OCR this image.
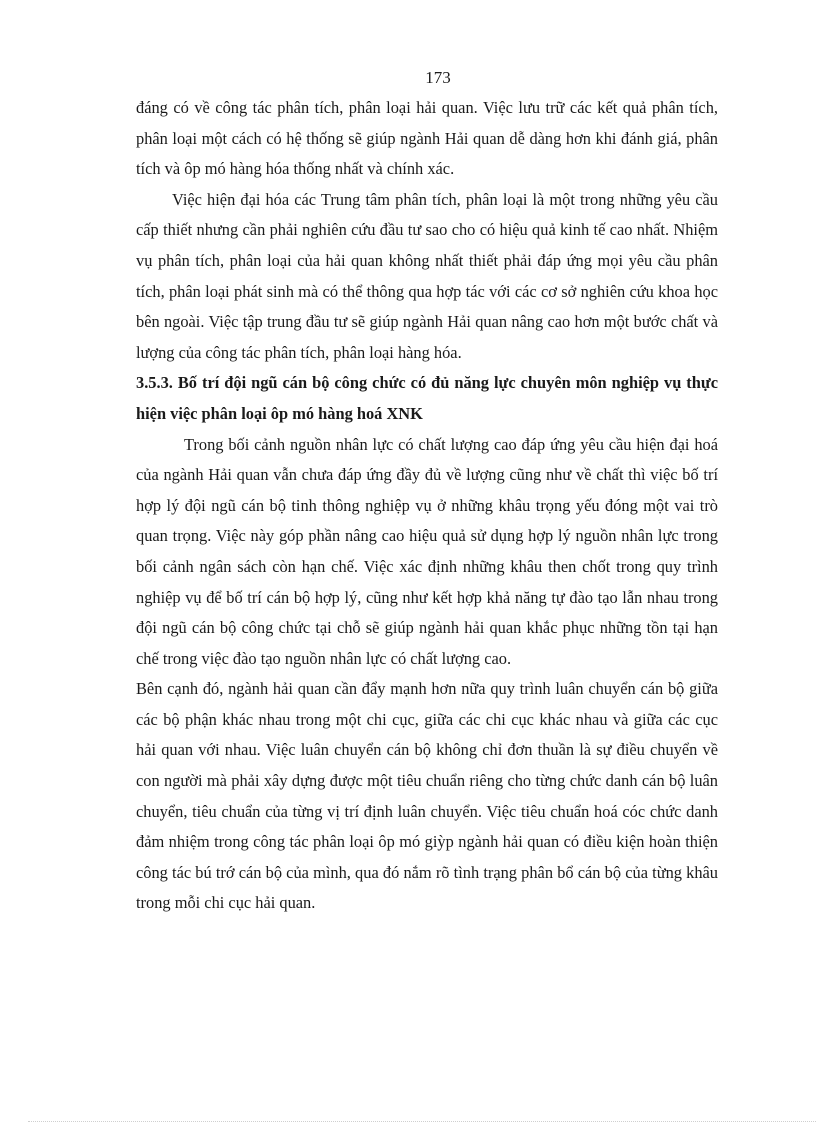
173

đáng có về công tác phân tích, phân loại hải quan. Việc lưu trữ các kết quả phân tích, phân loại một cách có hệ thống sẽ giúp ngành Hải quan dễ dàng hơn khi đánh giá, phân tích và ôp mó hàng hóa thống nhất và chính xác.

Việc hiện đại hóa các Trung tâm phân tích, phân loại là một trong những yêu cầu cấp thiết nhưng cần phải nghiên cứu đầu tư sao cho có hiệu quả kinh tế cao nhất. Nhiệm vụ phân tích, phân loại của hải quan không nhất thiết phải đáp ứng mọi yêu cầu phân tích, phân loại phát sinh mà có thể thông qua hợp tác với các cơ sở nghiên cứu khoa học bên ngoài. Việc tập trung đầu tư sẽ giúp ngành Hải quan nâng cao hơn một bước chất và lượng của công tác phân tích, phân loại hàng hóa.

3.5.3. Bố trí đội ngũ cán bộ công chức có đủ năng lực chuyên môn nghiệp vụ thực hiện việc phân loại ôp mó hàng hoá XNK

Trong bối cảnh nguồn nhân lực có chất lượng cao đáp ứng yêu cầu hiện đại hoá của ngành Hải quan vẫn chưa đáp ứng đầy đủ về lượng cũng như về chất thì việc bố trí hợp lý đội ngũ cán bộ tinh thông nghiệp vụ ở những khâu trọng yếu đóng một vai trò quan trọng. Việc này góp phần nâng cao hiệu quả sử dụng hợp lý nguồn nhân lực trong bối cảnh ngân sách còn hạn chế. Việc xác định những khâu then chốt trong quy trình nghiệp vụ để bố trí cán bộ hợp lý, cũng như kết hợp khả năng tự đào tạo lẫn nhau trong đội ngũ cán bộ công chức tại chỗ sẽ giúp ngành hải quan khắc phục những tồn tại hạn chế trong việc đào tạo nguồn nhân lực có chất lượng cao.

Bên cạnh đó, ngành hải quan cần đẩy mạnh hơn nữa quy trình luân chuyển cán bộ giữa các bộ phận khác nhau trong một chi cục, giữa các chi cục khác nhau và giữa các cục hải quan với nhau. Việc luân chuyển cán bộ không chỉ đơn thuần là sự điều chuyển về con người mà phải xây dựng được một tiêu chuẩn riêng cho từng chức danh cán bộ luân chuyển, tiêu chuẩn của từng vị trí định luân chuyển. Việc tiêu chuẩn hoá cóc chức danh đảm nhiệm trong công tác phân loại ôp mó giỳp ngành hải quan có điều kiện hoàn thiện công tác bú trớ cán bộ của mình, qua đó nắm rõ tình trạng phân bổ cán bộ của từng khâu trong mỗi chi cục hải quan.
